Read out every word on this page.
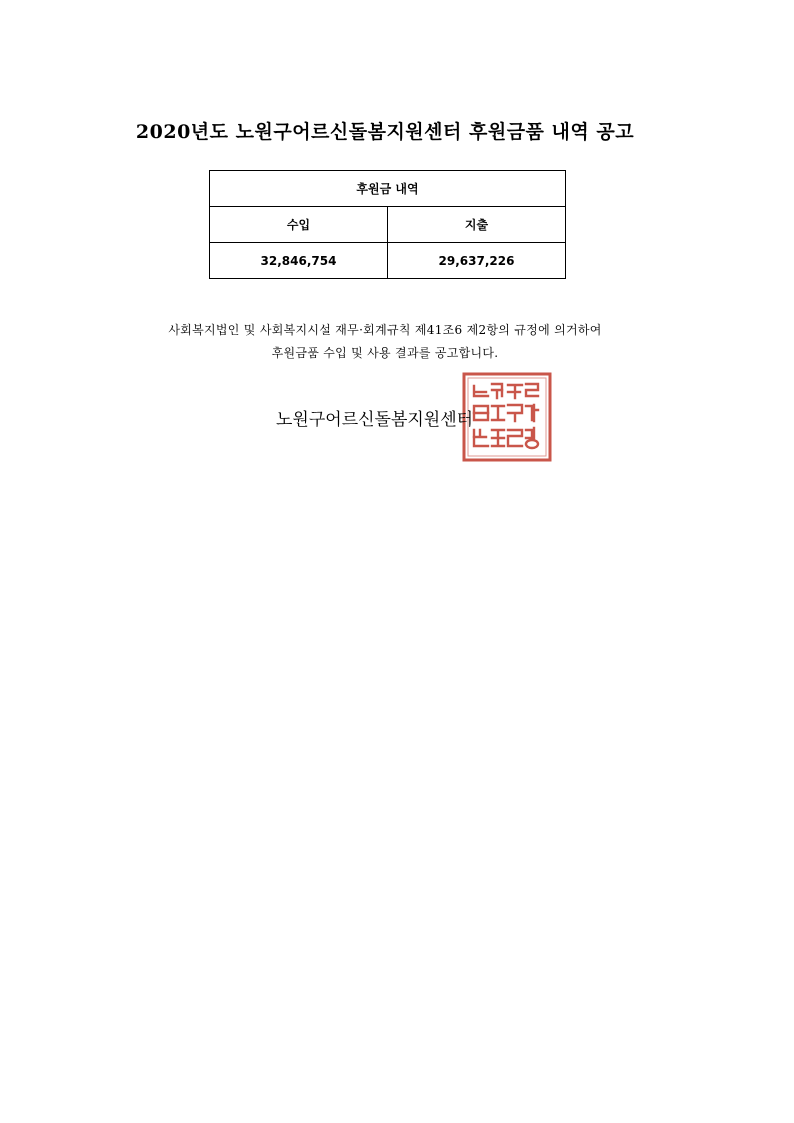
2020년도 노원구어르신돌봄지원센터 후원금품 내역 공고
후원금 내역	
수입	지출
32,846,754	29,637,226
사회복지법인 및 사회복지시설 재무·회계규칙 제41조6 제2항의 규정에 의거하여
후원금품 수입 및 사용 결과를 공고합니다.
노원구어르신돌봄지원센터
